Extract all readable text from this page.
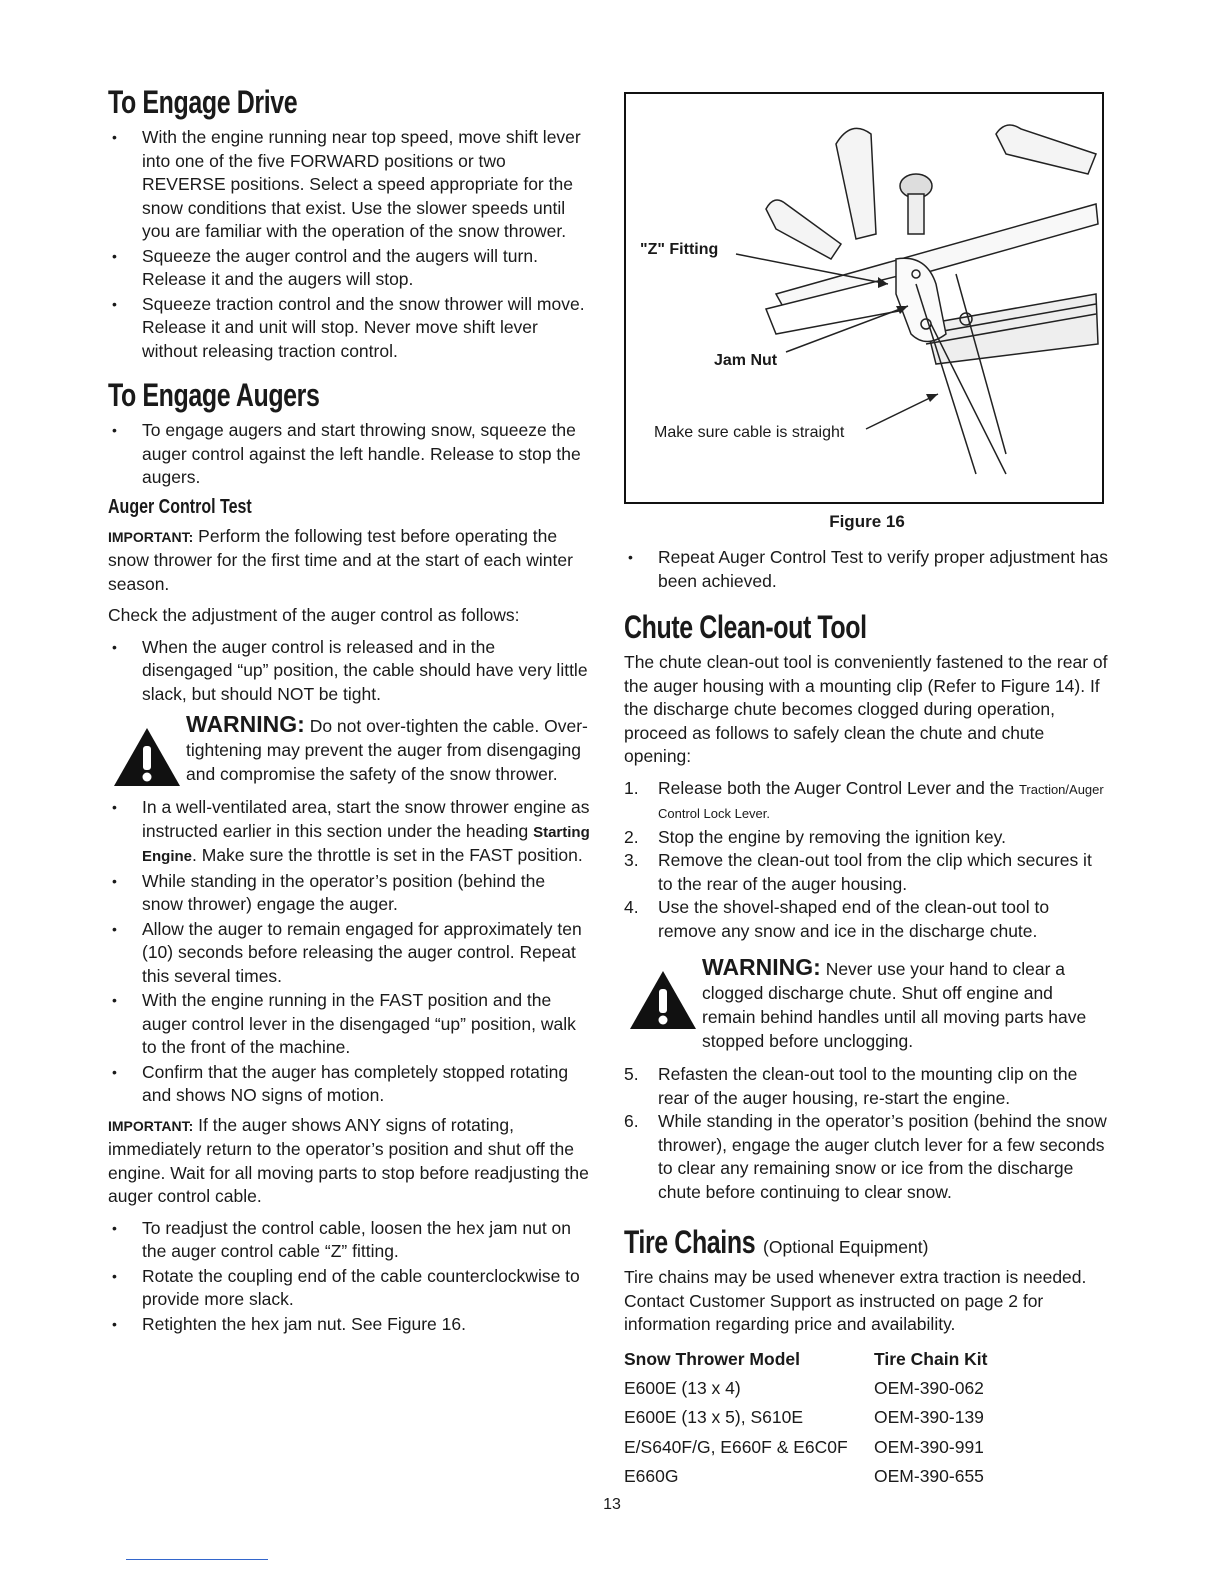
To Engage Drive
• With the engine running near top speed, move shift lever into one of the five FORWARD positions or two REVERSE positions. Select a speed appropriate for the snow conditions that exist. Use the slower speeds until you are familiar with the operation of the snow thrower.
• Squeeze the auger control and the augers will turn. Release it and the augers will stop.
• Squeeze traction control and the snow thrower will move. Release it and unit will stop. Never move shift lever without releasing traction control.
To Engage Augers
• To engage augers and start throwing snow, squeeze the auger control against the left handle. Release to stop the augers.
Auger Control Test

IMPORTANT: Perform the following test before operating the snow thrower for the first time and at the start of each winter season.

Check the adjustment of the auger control as follows:

• When the auger control is released and in the disengaged “up” position, the cable should have very little slack, but should NOT be tight.
WARNING: Do not over-tighten the cable. Over-tightening may prevent the auger from disengaging and compromise the safety of the snow thrower.
• In a well-ventilated area, start the snow thrower engine as instructed earlier in this section under the heading Starting Engine. Make sure the throttle is set in the FAST position.
• While standing in the operator’s position (behind the snow thrower) engage the auger.
• Allow the auger to remain engaged for approximately ten (10) seconds before releasing the auger control. Repeat this several times.
• With the engine running in the FAST position and the auger control lever in the disengaged “up” position, walk to the front of the machine.
• Confirm that the auger has completely stopped rotating and shows NO signs of motion.

IMPORTANT: If the auger shows ANY signs of rotating, immediately return to the operator’s position and shut off the engine. Wait for all moving parts to stop before readjusting the auger control cable.

• To readjust the control cable, loosen the hex jam nut on the auger control cable “Z” fitting.
• Rotate the coupling end of the cable counterclockwise to provide more slack.
• Retighten the hex jam nut. See Figure 16.
"Z" Fitting
Jam Nut
Make sure cable is straight
Figure 16
• Repeat Auger Control Test to verify proper adjustment has been achieved.
Chute Clean-out Tool

The chute clean-out tool is conveniently fastened to the rear of the auger housing with a mounting clip (Refer to Figure 14). If the discharge chute becomes clogged during operation, proceed as follows to safely clean the chute and chute opening:

1. Release both the Auger Control Lever and the Traction/Auger Control Lock Lever.
2. Stop the engine by removing the ignition key.
3. Remove the clean-out tool from the clip which secures it to the rear of the auger housing.
4. Use the shovel-shaped end of the clean-out tool to remove any snow and ice in the discharge chute.
WARNING: Never use your hand to clear a clogged discharge chute. Shut off engine and remain behind handles until all moving parts have stopped before unclogging.
5. Refasten the clean-out tool to the mounting clip on the rear of the auger housing, re-start the engine.
6. While standing in the operator’s position (behind the snow thrower), engage the auger clutch lever for a few seconds to clear any remaining snow or ice from the discharge chute before continuing to clear snow.
Tire Chains (Optional Equipment)

Tire chains may be used whenever extra traction is needed. Contact Customer Support as instructed on page 2 for information regarding price and availability.

Snow Thrower Model	Tire Chain Kit
E600E (13 x 4)	OEM-390-062
E600E (13 x 5), S610E	OEM-390-139
E/S640F/G, E660F & E6C0F	OEM-390-991
E660G	OEM-390-655
13
